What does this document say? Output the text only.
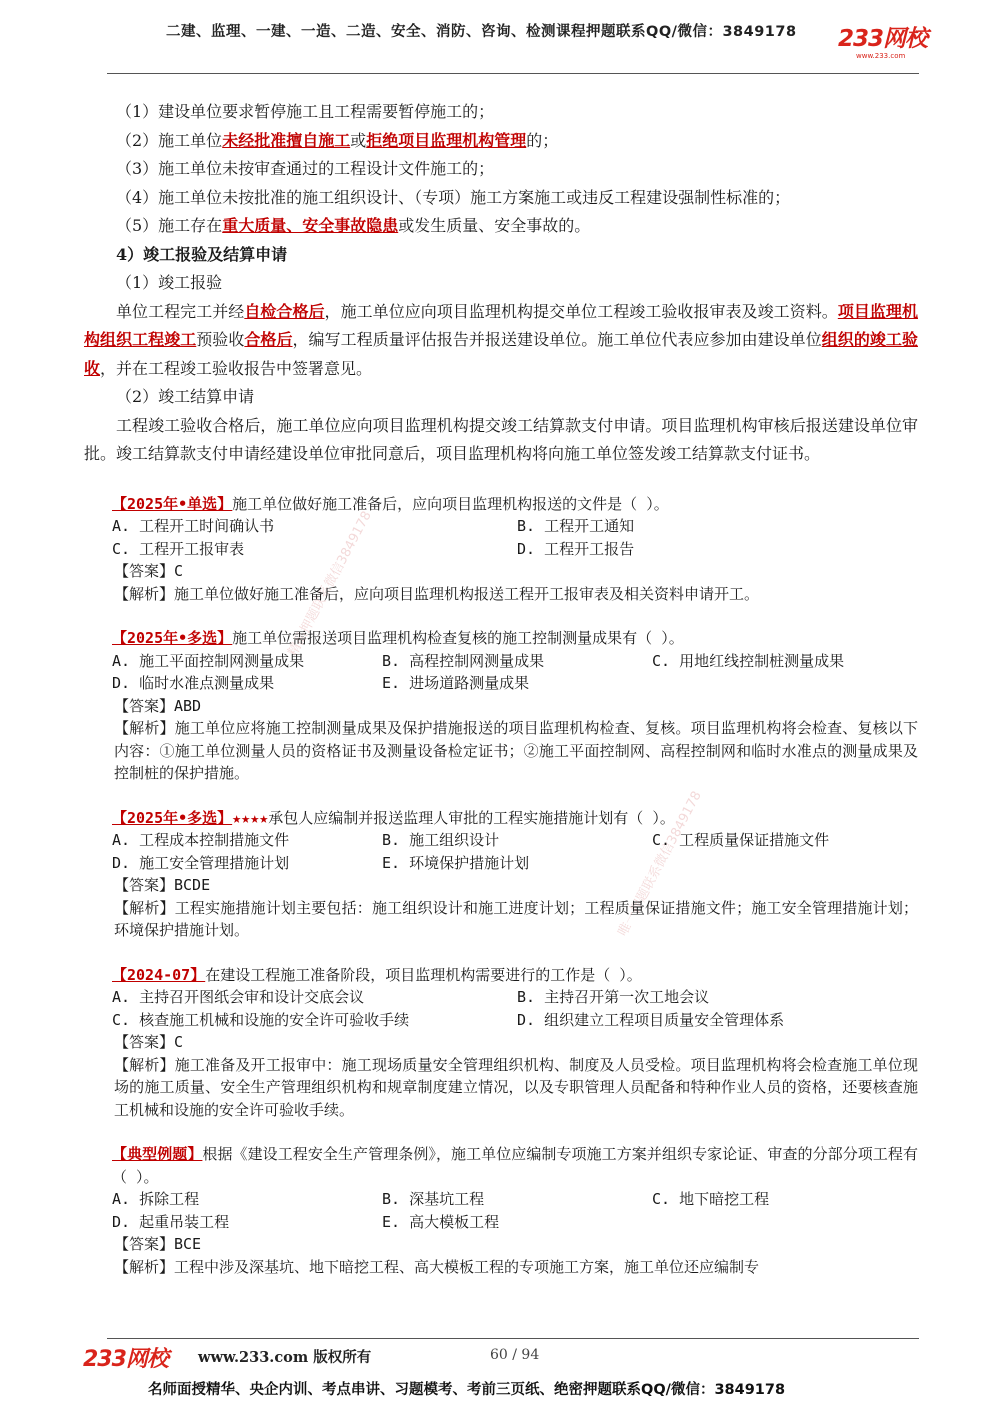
二建、监理、一建、一造、二造、安全、消防、咨询、检测课程押题联系QQ/微信：3849178 233网校
www.233.com
精品押题联系微信3849178
唯一押题联系微信3849178

（1）建设单位要求暂停施工且工程需要暂停施工的；

（2）施工单位未经批准擅自施工或拒绝项目监理机构管理的；

（3）施工单位未按审查通过的工程设计文件施工的；

（4）施工单位未按批准的施工组织设计、（专项）施工方案施工或违反工程建设强制性标准的；

（5）施工存在重大质量、安全事故隐患或发生质量、安全事故的。

4）竣工报验及结算申请

（1）竣工报验

单位工程完工并经自检合格后，施工单位应向项目监理机构提交单位工程竣工验收报审表及竣工资料。项目监理机构组织工程竣工预验收合格后，编写工程质量评估报告并报送建设单位。施工单位代表应参加由建设单位组织的竣工验收，并在工程竣工验收报告中签署意见。

（2）竣工结算申请

工程竣工验收合格后，施工单位应向项目监理机构提交竣工结算款支付申请。项目监理机构审核后报送建设单位审批。竣工结算款支付申请经建设单位审批同意后，项目监理机构将向施工单位签发竣工结算款支付证书。

【2025年•单选】施工单位做好施工准备后，应向项目监理机构报送的文件是（ ）。
A. 工程开工时间确认书	B. 工程开工通知
C. 工程开工报审表	D. 工程开工报告
【答案】C
【解析】施工单位做好施工准备后，应向项目监理机构报送工程开工报审表及相关资料申请开工。
【2025年•多选】施工单位需报送项目监理机构检查复核的施工控制测量成果有（ ）。
A. 施工平面控制网测量成果	B. 高程控制网测量成果	C. 用地红线控制桩测量成果
D. 临时水准点测量成果	E. 进场道路测量成果
【答案】ABD
【解析】施工单位应将施工控制测量成果及保护措施报送的项目监理机构检查、复核。项目监理机构将会检查、复核以下内容：①施工单位测量人员的资格证书及测量设备检定证书；②施工平面控制网、高程控制网和临时水准点的测量成果及控制桩的保护措施。
【2025年•多选】★★★★承包人应编制并报送监理人审批的工程实施措施计划有（ ）。
A. 工程成本控制措施文件	B. 施工组织设计	C. 工程质量保证措施文件
D. 施工安全管理措施计划	E. 环境保护措施计划
【答案】BCDE
【解析】工程实施措施计划主要包括：施工组织设计和施工进度计划；工程质量保证措施文件；施工安全管理措施计划；环境保护措施计划。
【2024-07】在建设工程施工准备阶段，项目监理机构需要进行的工作是（ ）。
A. 主持召开图纸会审和设计交底会议	B. 主持召开第一次工地会议
C. 核查施工机械和设施的安全许可验收手续	D. 组织建立工程项目质量安全管理体系
【答案】C
【解析】施工准备及开工报审中：施工现场质量安全管理组织机构、制度及人员受检。项目监理机构将会检查施工单位现场的施工质量、安全生产管理组织机构和规章制度建立情况，以及专职管理人员配备和特种作业人员的资格，还要核查施工机械和设施的安全许可验收手续。
【典型例题】根据《建设工程安全生产管理条例》，施工单位应编制专项施工方案并组织专家论证、审查的分部分项工程有（ ）。
A. 拆除工程	B. 深基坑工程	C. 地下暗挖工程
D. 起重吊装工程	E. 高大模板工程
【答案】BCE
【解析】工程中涉及深基坑、地下暗挖工程、高大模板工程的专项施工方案，施工单位还应编制专
233网校 www.233.com 版权所有	60 / 94
名师面授精华、央企内训、考点串讲、习题模考、考前三页纸、绝密押题联系QQ/微信：3849178
